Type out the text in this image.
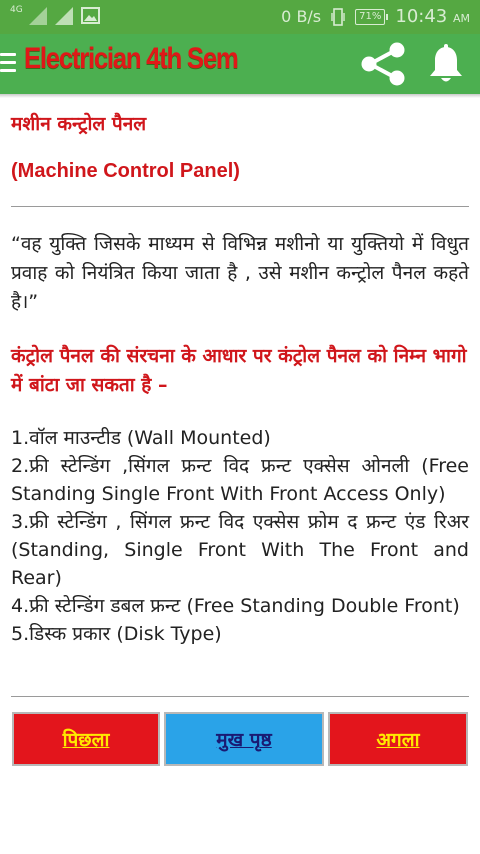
4G	0 B/s	71% 10:43 AM
Electrician 4th Sem
मशीन कन्ट्रोल पैनल
(Machine Control Panel)
“वह युक्ति जिसके माध्यम से विभिन्न मशीनो या युक्तियो में विधुत प्रवाह को नियंत्रित किया जाता है , उसे मशीन कन्ट्रोल पैनल कहते है।”
कंट्रोल पैनल की संरचना के आधार पर कंट्रोल पैनल को निम्न भागो में बांटा जा सकता है –
1.वॉल माउन्टीड (Wall Mounted)
2.फ्री स्टेन्डिंग ,सिंगल फ्रन्ट विद फ्रन्ट एक्सेस ओनली (Free Standing Single Front With Front Access Only)
3.फ्री स्टेन्डिंग , सिंगल फ्रन्ट विद एक्सेस फ्रोम द फ्रन्ट एंड रिअर (Standing, Single Front With The Front and Rear)
4.फ्री स्टेन्डिंग डबल फ्रन्ट (Free Standing Double Front)
5.डिस्क प्रकार (Disk Type)
पिछला	मुख पृष्ठ	अगला
